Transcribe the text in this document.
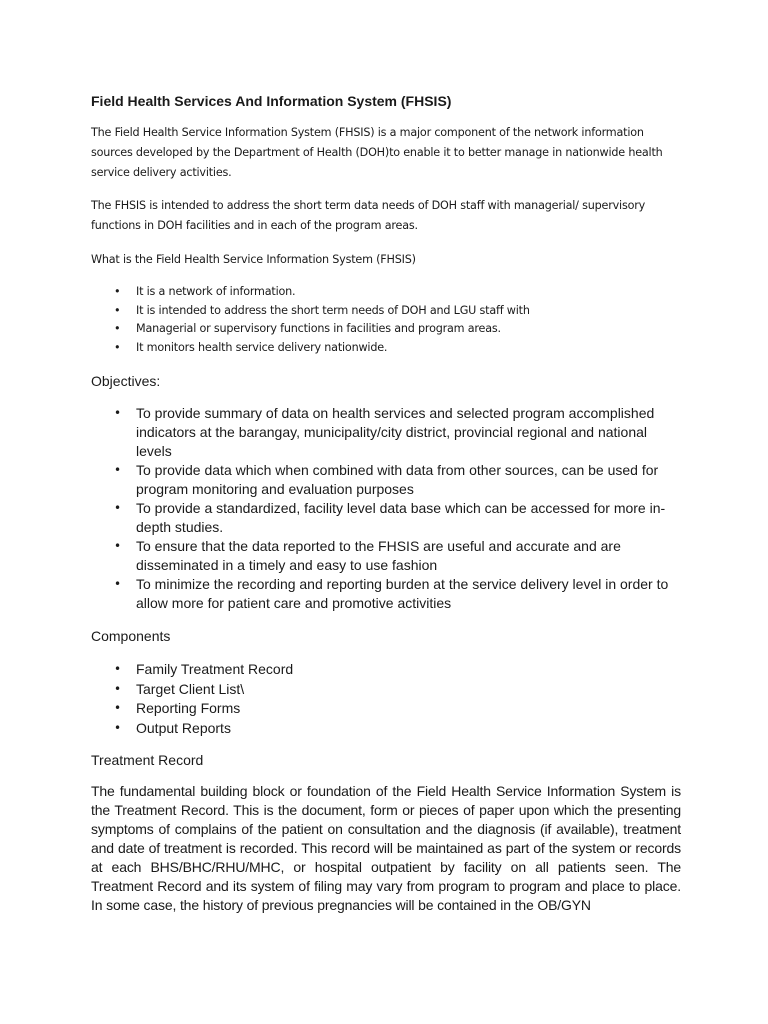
Field Health Services And Information System (FHSIS)
The Field Health Service Information System (FHSIS) is a major component of the network information sources developed by the Department of Health (DOH)to enable it to better manage in nationwide health service delivery activities.
The FHSIS is intended to address the short term data needs of DOH staff with managerial/ supervisory functions in DOH facilities and in each of the program areas.
What is the Field Health Service Information System (FHSIS)
• It is a network of information.
• It is intended to address the short term needs of DOH and LGU staff with
• Managerial or supervisory functions in facilities and program areas.
• It monitors health service delivery nationwide.
Objectives:
• To provide summary of data on health services and selected program accomplished indicators at the barangay, municipality/city district, provincial regional and national levels
• To provide data which when combined with data from other sources, can be used for program monitoring and evaluation purposes
• To provide a standardized, facility level data base which can be accessed for more in-depth studies.
• To ensure that the data reported to the FHSIS are useful and accurate and are disseminated in a timely and easy to use fashion
• To minimize the recording and reporting burden at the service delivery level in order to allow more for patient care and promotive activities
Components
• Family Treatment Record
• Target Client List\
• Reporting Forms
• Output Reports
Treatment Record
The fundamental building block or foundation of the Field Health Service Information System is the Treatment Record. This is the document, form or pieces of paper upon which the presenting symptoms of complains of the patient on consultation and the diagnosis (if available), treatment and date of treatment is recorded. This record will be maintained as part of the system or records at each BHS/BHC/RHU/MHC, or hospital outpatient by facility on all patients seen. The Treatment Record and its system of filing may vary from program to program and place to place. In some case, the history of previous pregnancies will be contained in the OB/GYN
